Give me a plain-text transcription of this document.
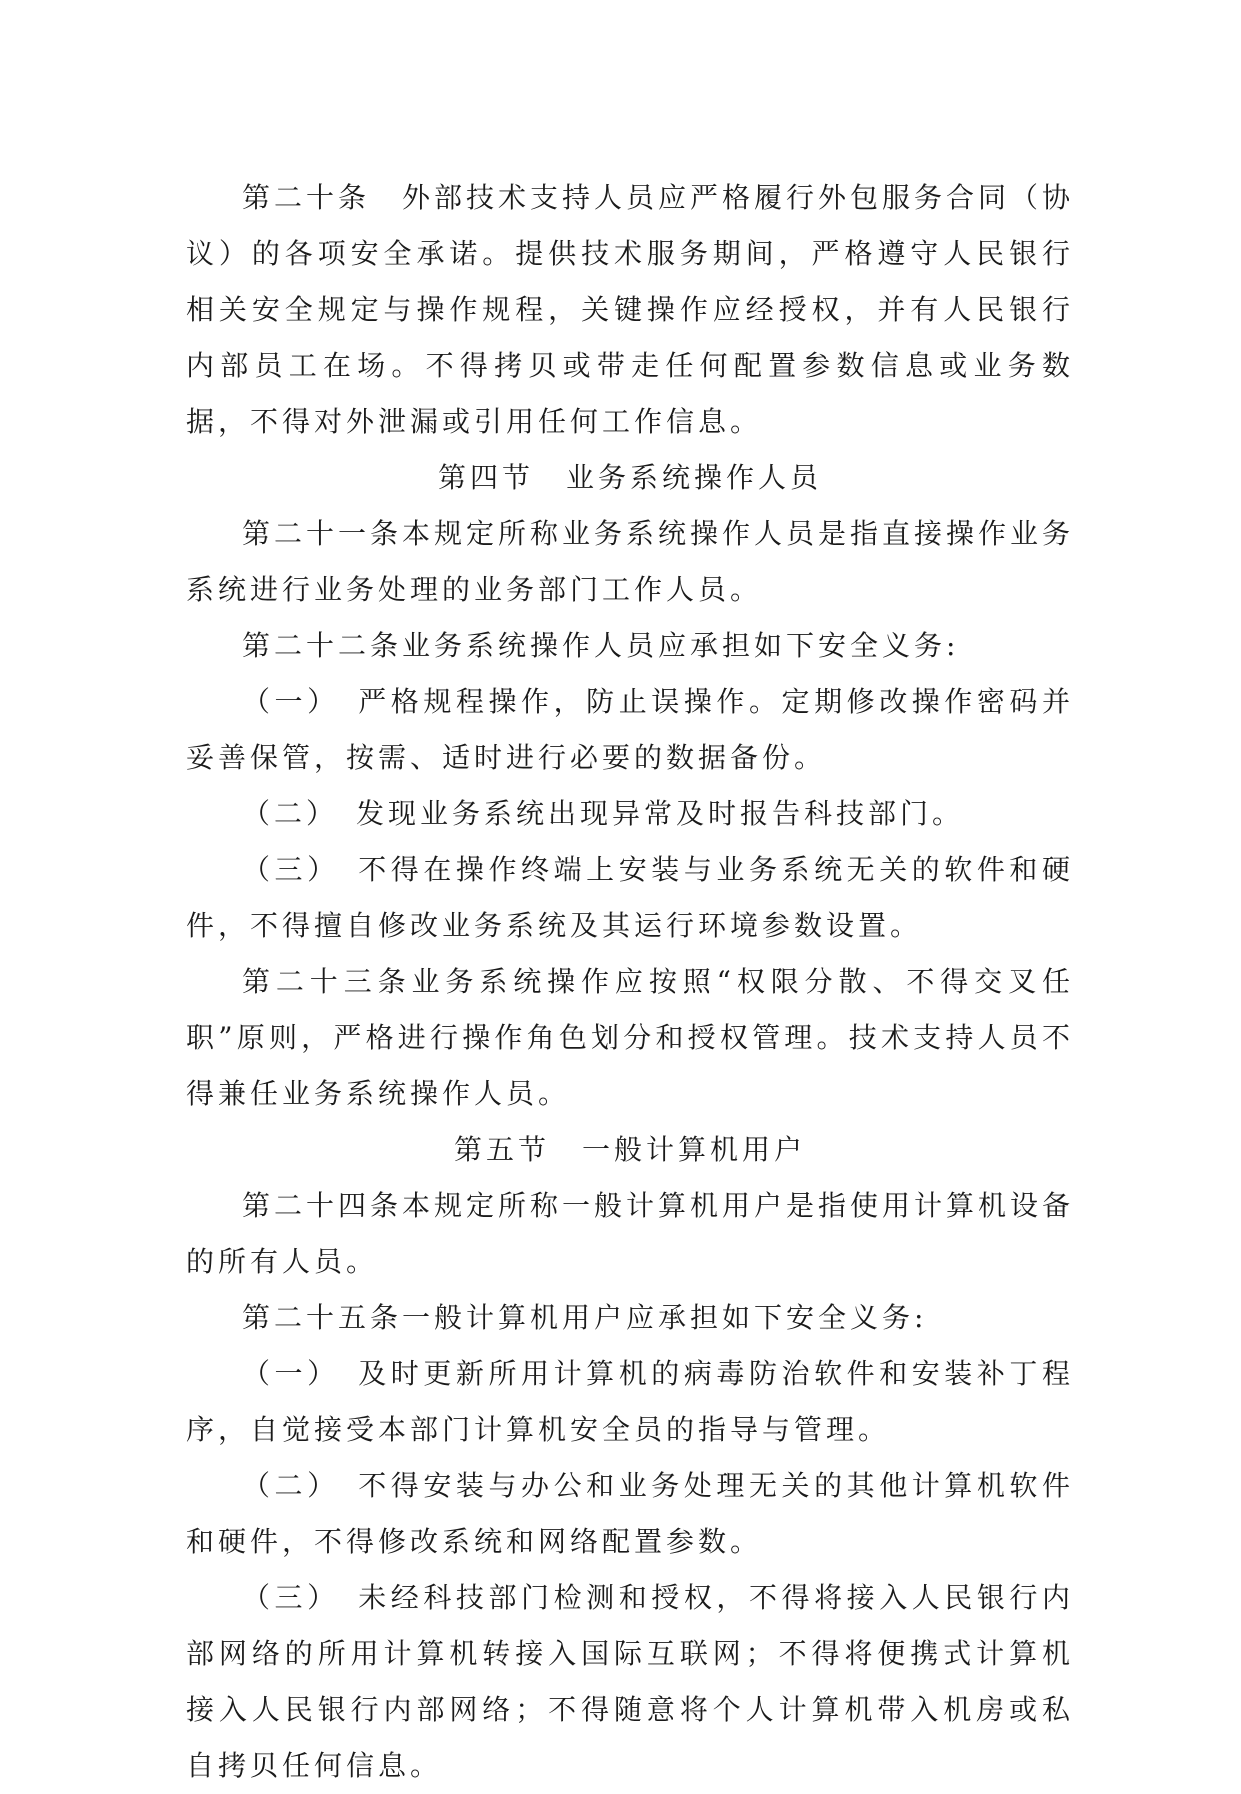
第二十条　外部技术支持人员应严格履行外包服务合同（协议）的各项安全承诺。提供技术服务期间，严格遵守人民银行相关安全规定与操作规程，关键操作应经授权，并有人民银行内部员工在场。不得拷贝或带走任何配置参数信息或业务数据，不得对外泄漏或引用任何工作信息。

第四节　业务系统操作人员

第二十一条本规定所称业务系统操作人员是指直接操作业务系统进行业务处理的业务部门工作人员。

第二十二条业务系统操作人员应承担如下安全义务:

（一）　严格规程操作，防止误操作。定期修改操作密码并妥善保管，按需、适时进行必要的数据备份。

（二）　发现业务系统出现异常及时报告科技部门。

（三）　不得在操作终端上安装与业务系统无关的软件和硬件，不得擅自修改业务系统及其运行环境参数设置。

第二十三条业务系统操作应按照“权限分散、不得交叉任职”原则，严格进行操作角色划分和授权管理。技术支持人员不得兼任业务系统操作人员。

第五节　一般计算机用户

第二十四条本规定所称一般计算机用户是指使用计算机设备的所有人员。

第二十五条一般计算机用户应承担如下安全义务:

（一）　及时更新所用计算机的病毒防治软件和安装补丁程序，自觉接受本部门计算机安全员的指导与管理。

（二）　不得安装与办公和业务处理无关的其他计算机软件和硬件，不得修改系统和网络配置参数。

（三）　未经科技部门检测和授权，不得将接入人民银行内部网络的所用计算机转接入国际互联网；不得将便携式计算机接入人民银行内部网络；不得随意将个人计算机带入机房或私自拷贝任何信息。
